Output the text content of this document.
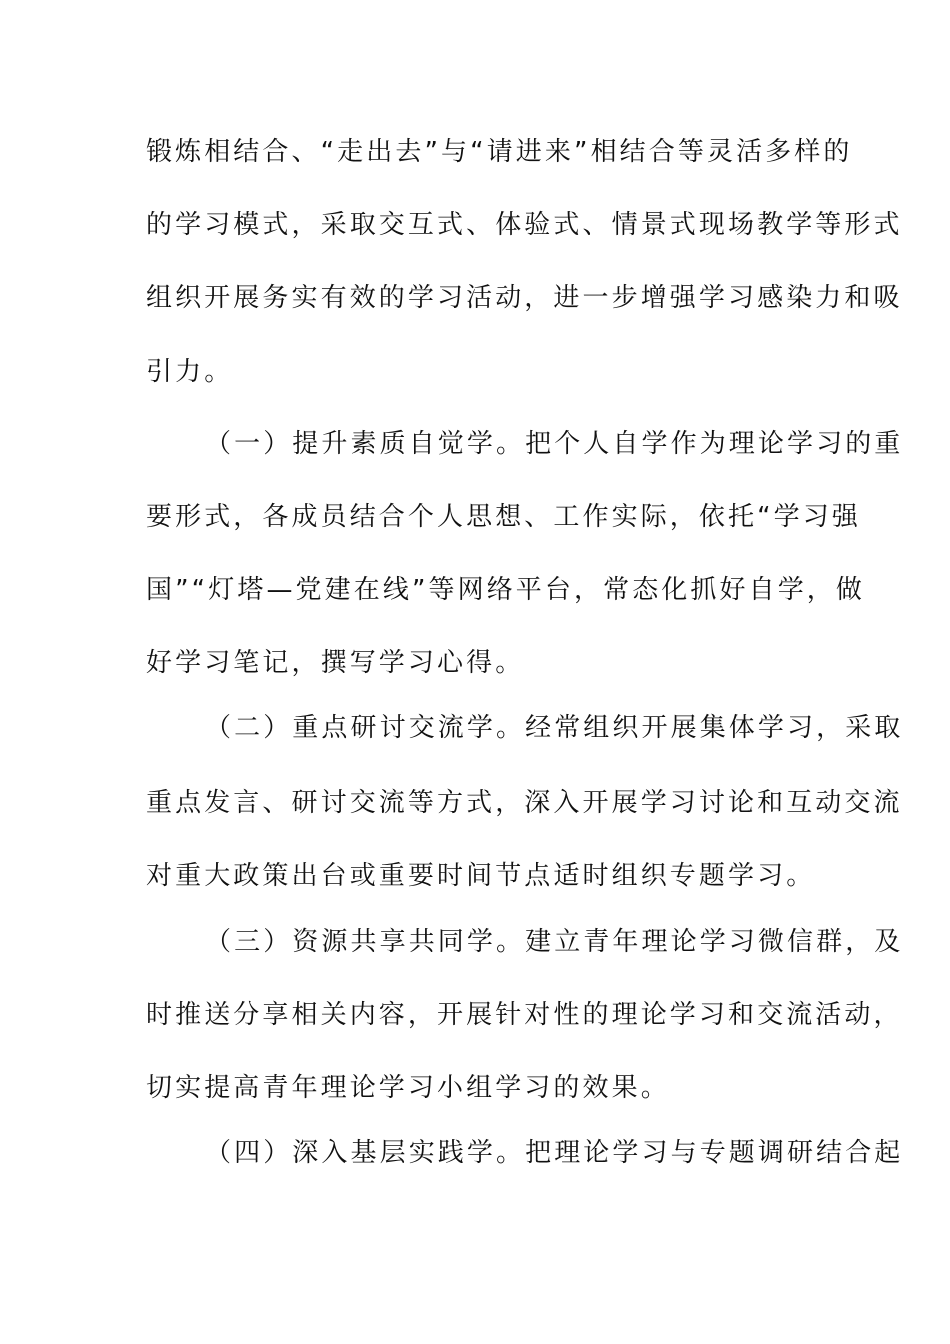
锻炼相结合、“走出去”与“请进来”相结合等灵活多样的
的学习模式，采取交互式、体验式、情景式现场教学等形式
组织开展务实有效的学习活动，进一步增强学习感染力和吸
引力。
（一）提升素质自觉学。把个人自学作为理论学习的重
要形式，各成员结合个人思想、工作实际，依托“学习强
国”“灯塔—党建在线”等网络平台，常态化抓好自学，做
好学习笔记，撰写学习心得。
（二）重点研讨交流学。经常组织开展集体学习，采取
重点发言、研讨交流等方式，深入开展学习讨论和互动交流
对重大政策出台或重要时间节点适时组织专题学习。
（三）资源共享共同学。建立青年理论学习微信群，及
时推送分享相关内容，开展针对性的理论学习和交流活动，
切实提高青年理论学习小组学习的效果。
（四）深入基层实践学。把理论学习与专题调研结合起
